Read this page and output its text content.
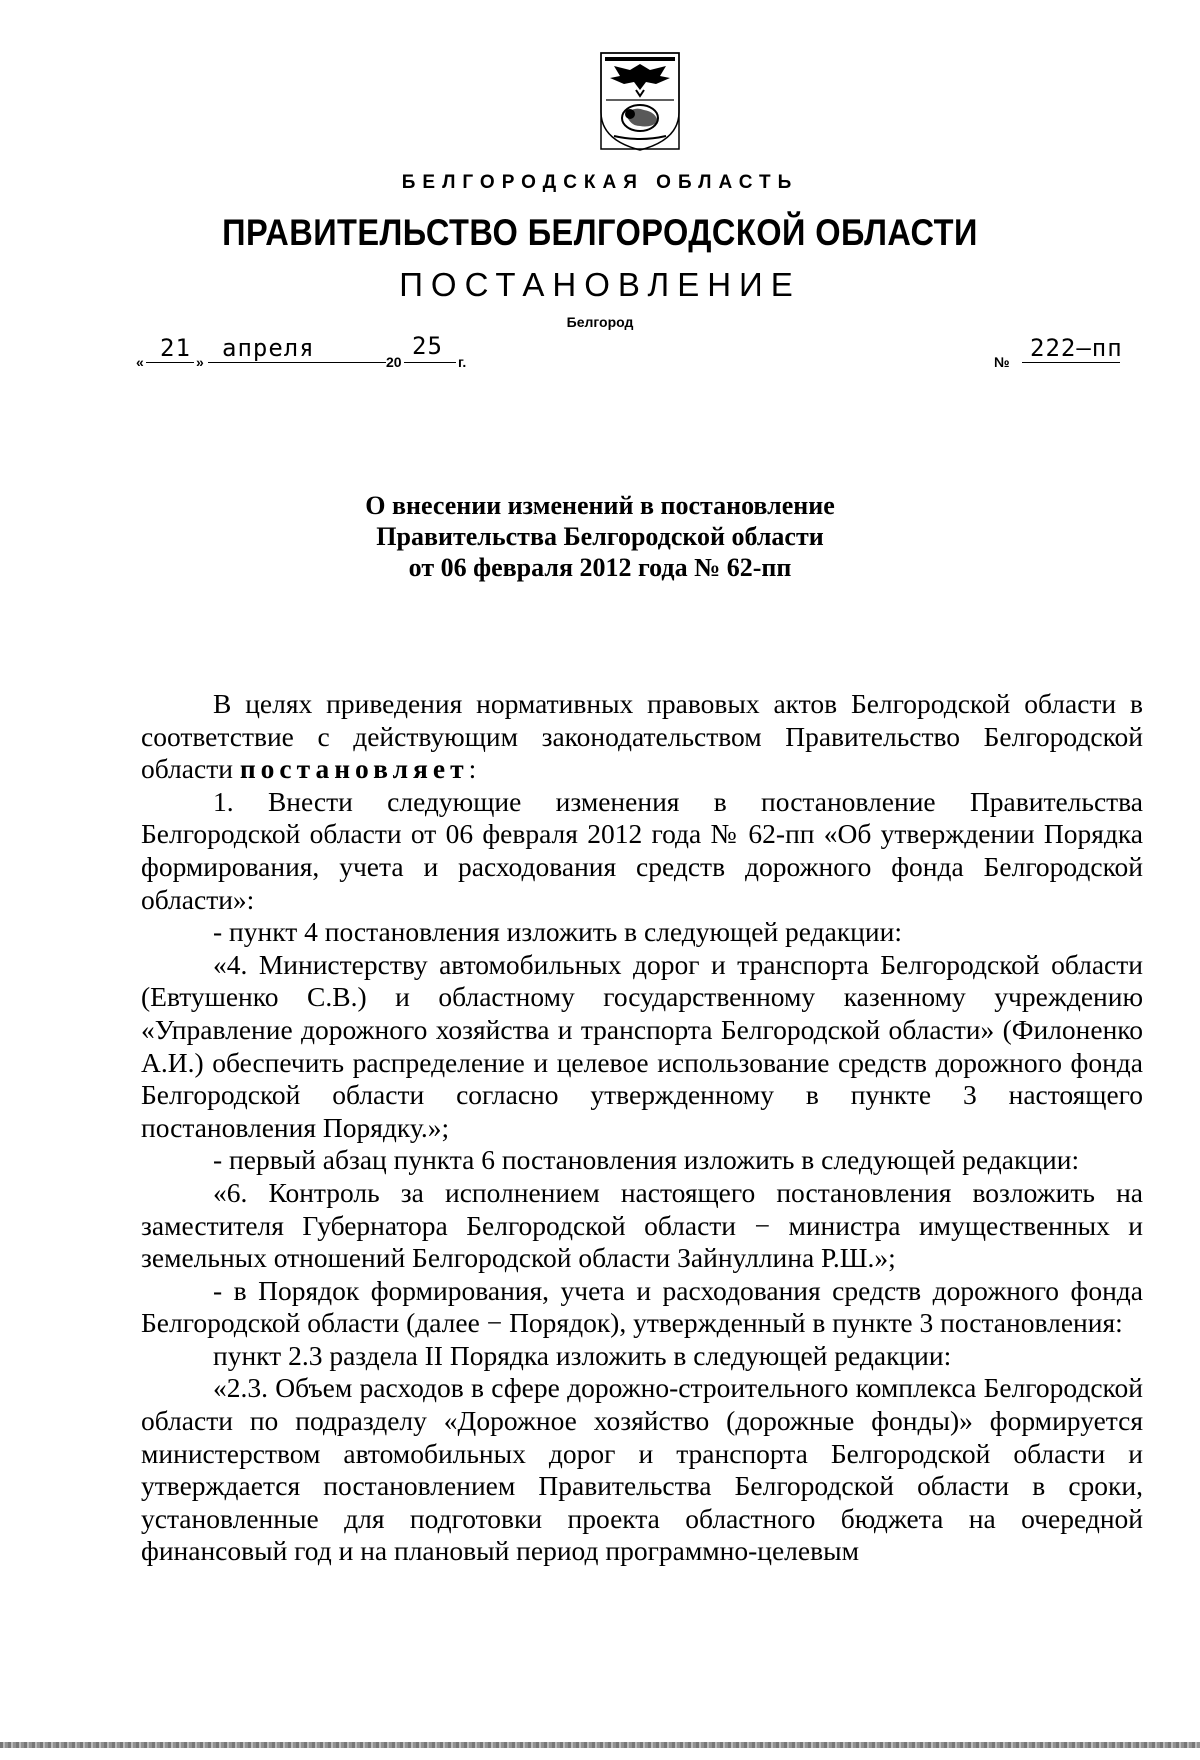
БЕЛГОРОДСКАЯ ОБЛАСТЬ
ПРАВИТЕЛЬСТВО БЕЛГОРОДСКОЙ ОБЛАСТИ
ПОСТАНОВЛЕНИЕ
Белгород
« 21 » апреля	20
25
г.	№ 222–пп
О внесении изменений в постановление
Правительства Белгородской области
от 06 февраля 2012 года № 62-пп

В целях приведения нормативных правовых актов Белгородской области в соответствие с действующим законодательством Правительство Белгородской области постановляет:

1. Внести следующие изменения в постановление Правительства Белгородской области от 06 февраля 2012 года № 62-пп «Об утверждении Порядка формирования, учета и расходования средств дорожного фонда Белгородской области»:

- пункт 4 постановления изложить в следующей редакции:

«4. Министерству автомобильных дорог и транспорта Белгородской области (Евтушенко С.В.) и областному государственному казенному учреждению «Управление дорожного хозяйства и транспорта Белгородской области» (Филоненко А.И.) обеспечить распределение и целевое использование средств дорожного фонда Белгородской области согласно утвержденному в пункте 3 настоящего постановления Порядку.»;

- первый абзац пункта 6 постановления изложить в следующей редакции:

«6. Контроль за исполнением настоящего постановления возложить на заместителя Губернатора Белгородской области − министра имущественных и земельных отношений Белгородской области Зайнуллина Р.Ш.»;

- в Порядок формирования, учета и расходования средств дорожного фонда Белгородской области (далее − Порядок), утвержденный в пункте 3 постановления:

пункт 2.3 раздела II Порядка изложить в следующей редакции:

«2.3. Объем расходов в сфере дорожно-строительного комплекса Белгородской области по подразделу «Дорожное хозяйство (дорожные фонды)» формируется министерством автомобильных дорог и транспорта Белгородской области и утверждается постановлением Правительства Белгородской области в сроки, установленные для подготовки проекта областного бюджета на очередной финансовый год и на плановый период программно-целевым
